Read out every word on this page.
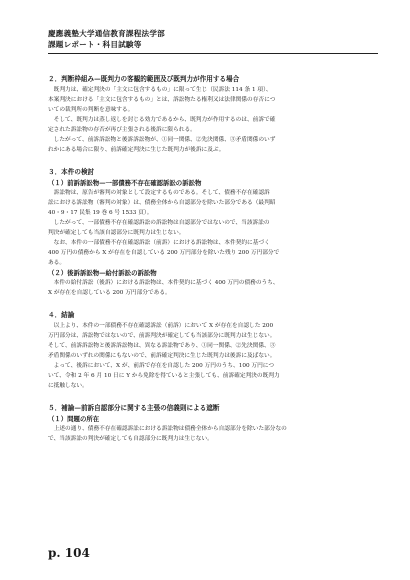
慶應義塾大学通信教育課程法学部
課題レポート・科目試験等
２．判断枠組み—既判力の客観的範囲及び既判力が作用する場合
　既判力は、確定判決の「主文に包含するもの」に限って生じ（民訴法 114 条 1 項）、
本案判決における「主文に包含するもの」とは、訴訟物たる権利又は法律関係の存否につ
いての裁判所の判断を意味する。
　そして、既判力は蒸し返しを封じる効力であるから、既判力が作用するのは、前訴で確
定された訴訟物の存否が再び主張される後訴に限られる。
　したがって、前訴訴訟物と後訴訴訟物が、①同一関係、②先決関係、③矛盾関係のいず
れかにある場合に限り、前訴確定判決に生じた既判力が後訴に及ぶ。
３．本件の検討
（１）前訴訴訟物—一部債務不存在確認訴訟の訴訟物
　訴訟物は、原告が審判の対象として設定するものである。そして、債務不存在確認訴
訟における訴訟物（審判の対象）は、債務全体から自認部分を除いた部分である（最判昭
40・9・17 民集 19 巻 6 号 1533 頁）。
　したがって、一部債務不存在確認訴訟の訴訟物は自認部分ではないので、当該訴訟の
判決が確定しても当該自認部分に既判力は生じない。
　なお、本件の一部債務不存在確認訴訟（前訴）における訴訟物は、本件契約に基づく
400 万円の債務から X が存在を自認している 200 万円部分を除いた残り 200 万円部分で
ある。
（２）後訴訴訟物—給付訴訟の訴訟物
　本件の給付訴訟（後訴）における訴訟物は、本件契約に基づく 400 万円の債務のうち、
X が存在を自認している 200 万円部分である。
４．結論
　以上より、本件の一部債務不存在確認訴訟（前訴）において X が存在を自認した 200
万円部分は、訴訟物ではないので、前訴判決が確定しても当該部分に既判力は生じない。
そして、前訴訴訟物と後訴訴訟物は、異なる訴訟物であり、①同一関係、②先決関係、③
矛盾関係のいずれの関係にもないので、前訴確定判決に生じた既判力は後訴に及ばない。
　よって、後訴において、X が、前訴で存在を自認した 200 万円のうち、100 万円につ
いて、令和 2 年 6 月 10 日に Y から免除を得ていると主張しても、前訴確定判決の既判力
に抵触しない。
５．補論—前訴自認部分に関する主張の信義則による遮断
（１）問題の所在
　上述の通り、債務不存在確認訴訟における訴訟物は債務全体から自認部分を除いた部分なの
で、当該訴訟の判決が確定しても自認部分に既判力は生じない。
p. 104
